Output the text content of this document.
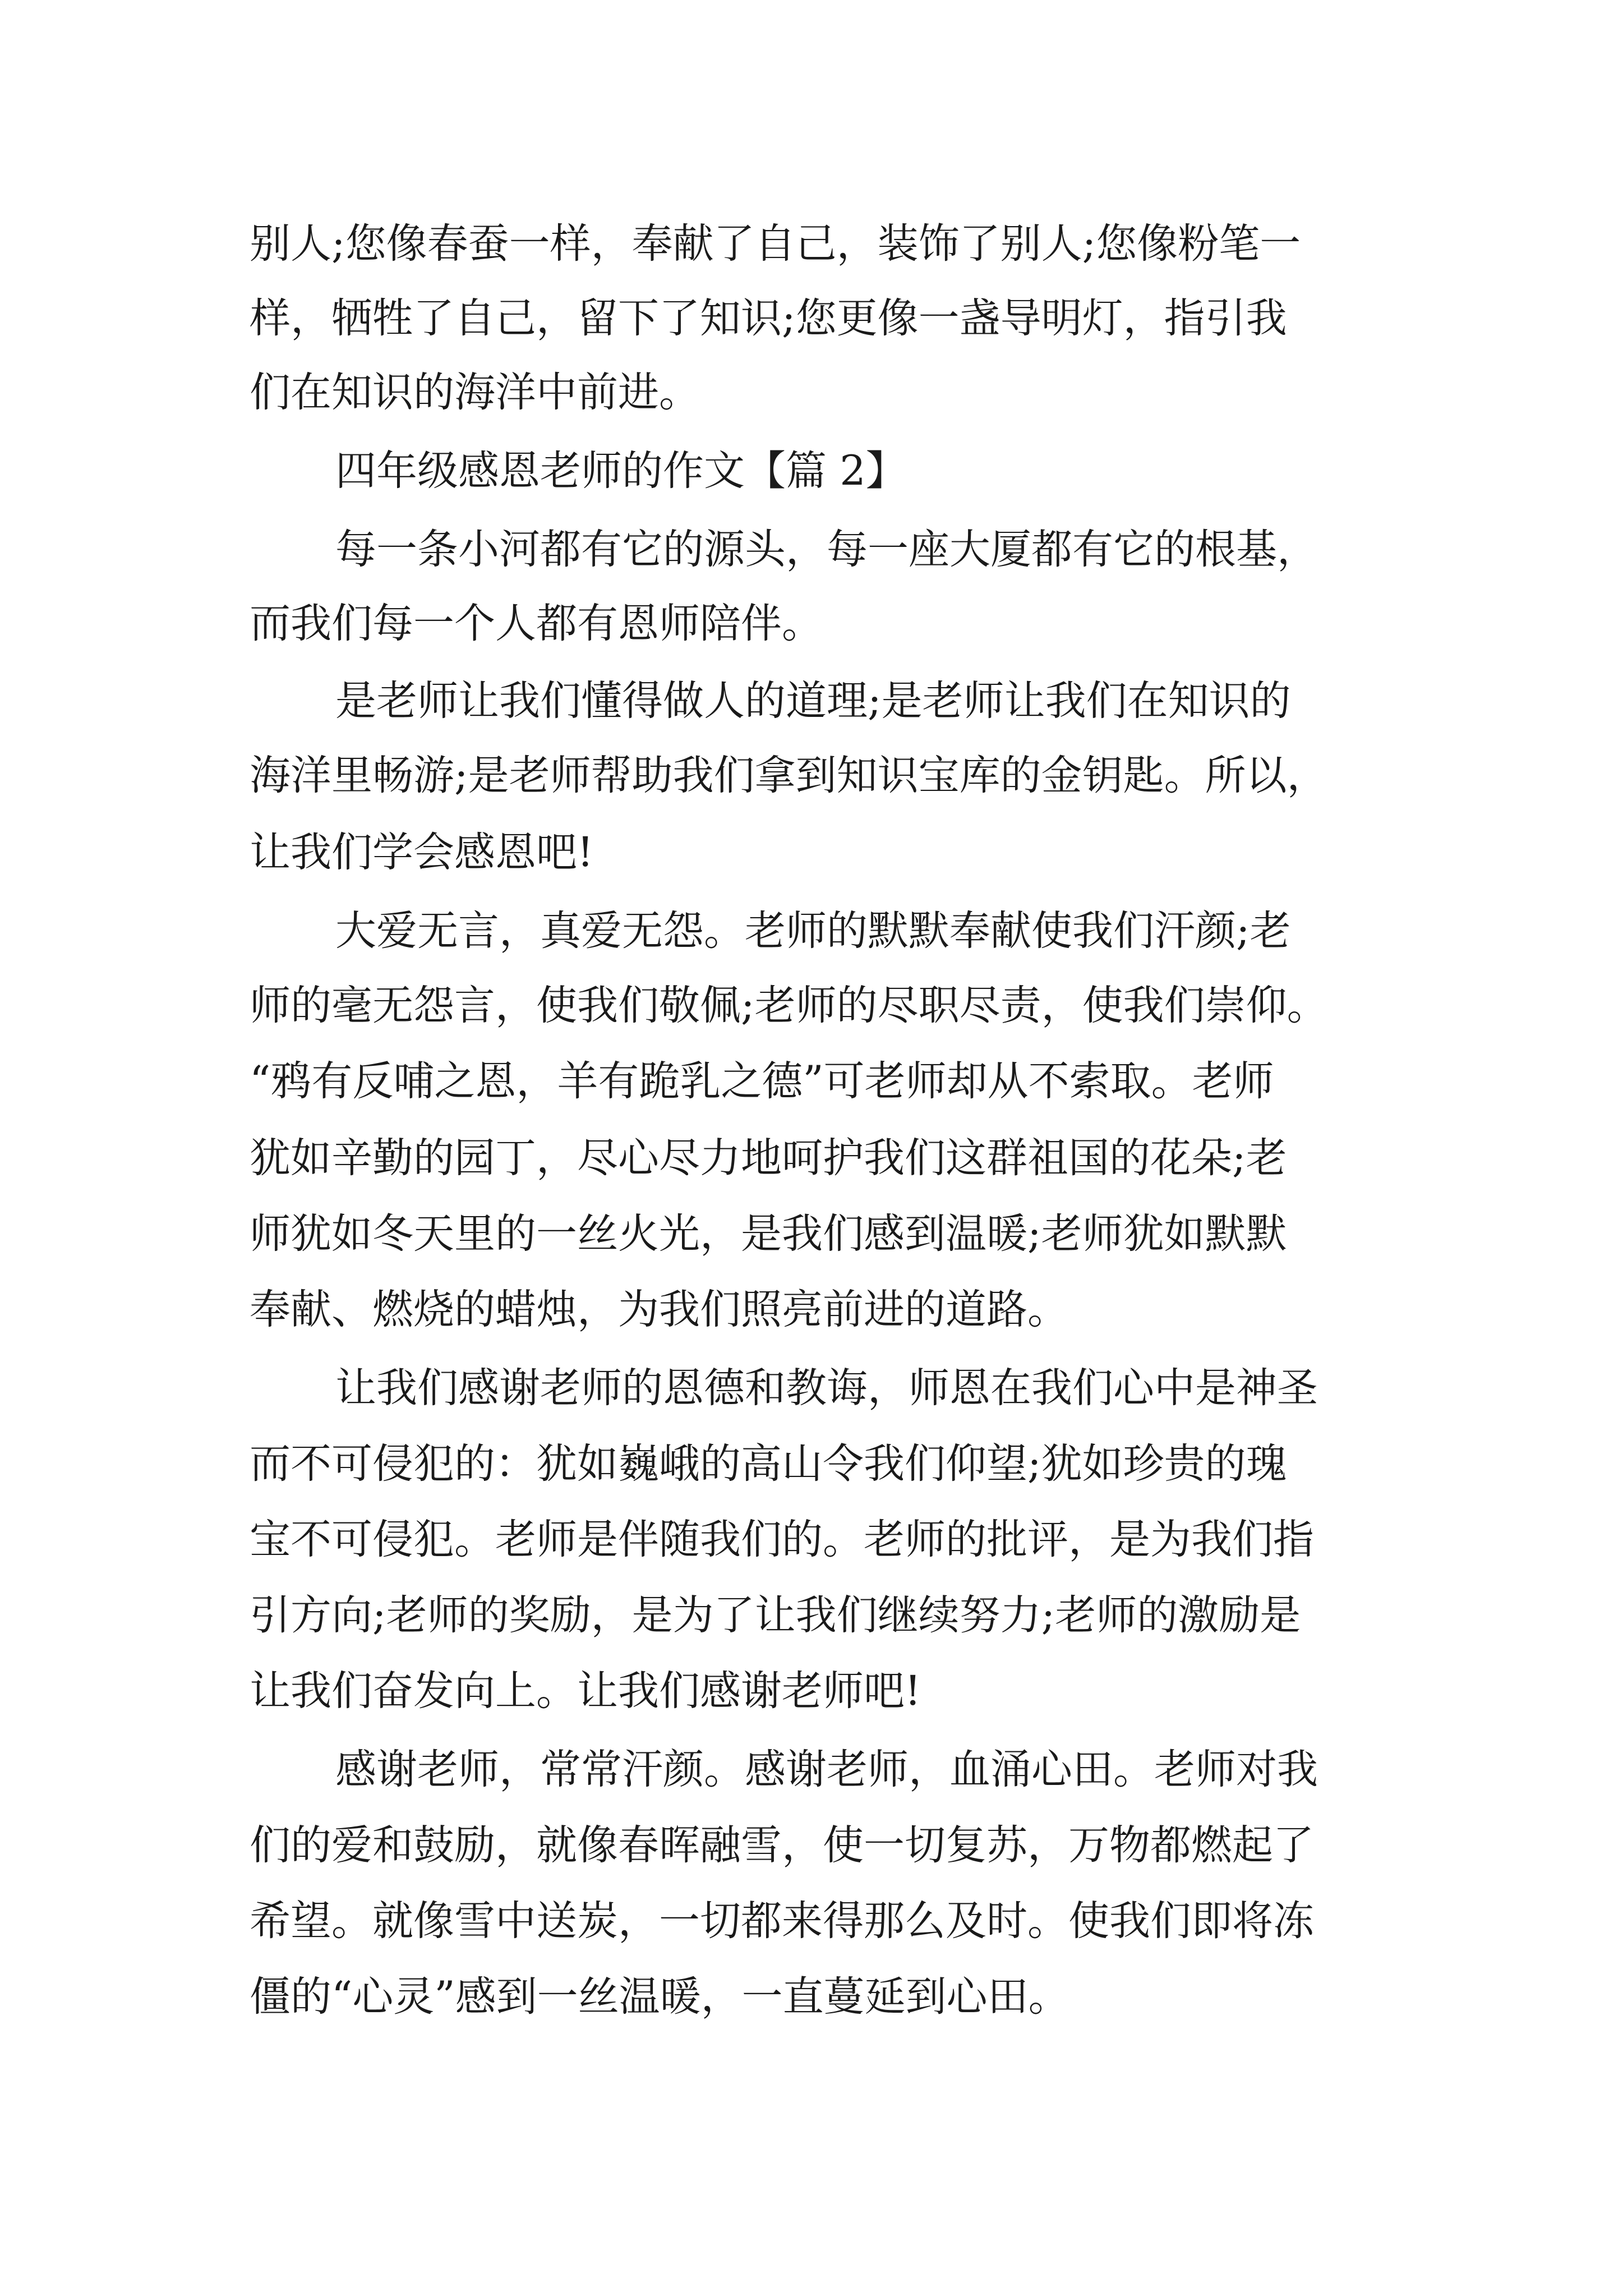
别人;您像春蚕一样，奉献了自己，装饰了别人;您像粉笔一

样，牺牲了自己，留下了知识;您更像一盏导明灯，指引我

们在知识的海洋中前进。

四年级感恩老师的作文【篇 2】

每一条小河都有它的源头，每一座大厦都有它的根基，

而我们每一个人都有恩师陪伴。

是老师让我们懂得做人的道理;是老师让我们在知识的

海洋里畅游;是老师帮助我们拿到知识宝库的金钥匙。所以，

让我们学会感恩吧!

大爱无言，真爱无怨。老师的默默奉献使我们汗颜;老

师的毫无怨言，使我们敬佩;老师的尽职尽责，使我们崇仰。

“鸦有反哺之恩，羊有跪乳之德”可老师却从不索取。老师

犹如辛勤的园丁，尽心尽力地呵护我们这群祖国的花朵;老

师犹如冬天里的一丝火光，是我们感到温暖;老师犹如默默

奉献、燃烧的蜡烛，为我们照亮前进的道路。

让我们感谢老师的恩德和教诲，师恩在我们心中是神圣

而不可侵犯的：犹如巍峨的高山令我们仰望;犹如珍贵的瑰

宝不可侵犯。老师是伴随我们的。老师的批评，是为我们指

引方向;老师的奖励，是为了让我们继续努力;老师的激励是

让我们奋发向上。让我们感谢老师吧!

感谢老师，常常汗颜。感谢老师，血涌心田。老师对我

们的爱和鼓励，就像春晖融雪，使一切复苏，万物都燃起了

希望。就像雪中送炭，一切都来得那么及时。使我们即将冻

僵的“心灵”感到一丝温暖，一直蔓延到心田。
